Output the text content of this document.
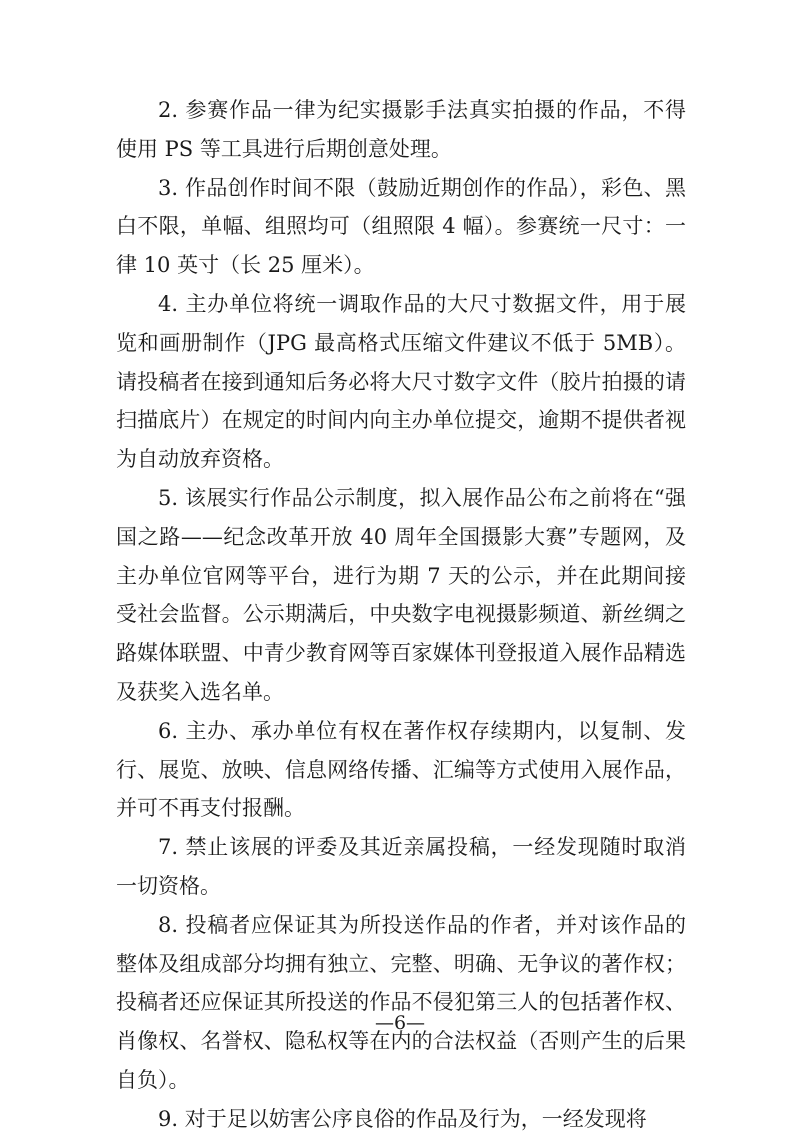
2. 参赛作品一律为纪实摄影手法真实拍摄的作品，不得使用 PS 等工具进行后期创意处理。

3. 作品创作时间不限（鼓励近期创作的作品），彩色、黑白不限，单幅、组照均可（组照限 4 幅）。参赛统一尺寸：一律 10 英寸（长 25 厘米）。

4. 主办单位将统一调取作品的大尺寸数据文件，用于展览和画册制作（JPG 最高格式压缩文件建议不低于 5MB）。请投稿者在接到通知后务必将大尺寸数字文件（胶片拍摄的请扫描底片）在规定的时间内向主办单位提交，逾期不提供者视为自动放弃资格。

5. 该展实行作品公示制度，拟入展作品公布之前将在“强国之路——纪念改革开放 40 周年全国摄影大赛”专题网，及主办单位官网等平台，进行为期 7 天的公示，并在此期间接受社会监督。公示期满后，中央数字电视摄影频道、新丝绸之路媒体联盟、中青少教育网等百家媒体刊登报道入展作品精选及获奖入选名单。

6. 主办、承办单位有权在著作权存续期内，以复制、发行、展览、放映、信息网络传播、汇编等方式使用入展作品，并可不再支付报酬。

7. 禁止该展的评委及其近亲属投稿，一经发现随时取消一切资格。

8. 投稿者应保证其为所投送作品的作者，并对该作品的整体及组成部分均拥有独立、完整、明确、无争议的著作权；投稿者还应保证其所投送的作品不侵犯第三人的包括著作权、肖像权、名誉权、隐私权等在内的合法权益（否则产生的后果自负）。

9. 对于足以妨害公序良俗的作品及行为，一经发现将

—6—
